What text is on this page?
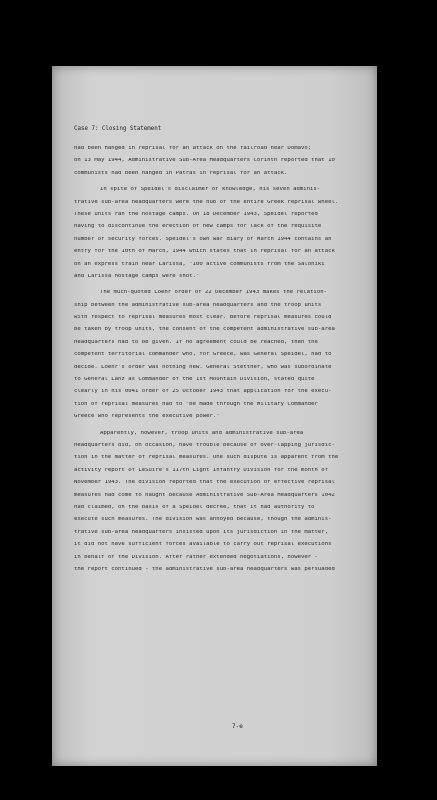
Case 7: Closing Statement
had been hanged in reprisal for an attack on the railroad near Domavo;
on 13 May 1944, Administrative Sub-Area Headquarters Corinth reported that 10
communists had been hanged in Patras in reprisal for an attack.
In spite of Speidel's disclaimer of knowledge, his seven adminis-
trative sub-area headquarters were the hub of the entire Greek reprisal wheel.
These units ran the hostage camps. On 18 December 1943, Speidel reported
having to discontinue the erection of new camps for lack of the requisite
number of security forces. Speidel's own war diary of March 1944 contains an
entry for the 10th of March, 1944 which states that in reprisal for an attack
on an express train near Larissa, "100 active communists from the Saloniki
and Larissa hostage camps were shot."
The much-quoted Loehr order of 22 December 1943 makes the relation-
ship between the administrative sub-area headquarters and the troop units
with respect to reprisal measures most clear. Before reprisal measures could
be taken by troop units, the consent of the competent administrative sub-area
headquarters had to be given. If no agreement could be reached, then the
competent territorial commander who, for Greece, was General Speidel, had to
decide. Loehr's order was nothing new. General Stettner, who was subordinate
to General Lanz as Commander of the 1st Mountain Division, stated quite
clearly in his 0041 order of 25 October 1943 that application for the execu-
tion of reprisal measures had to "be made through the Military Commander
Greece who represents the executive power."
Apparently, however, troop units and administrative sub-area
headquarters did, on occasion, have trouble because of over-lapping jurisdic-
tion in the matter of reprisal measures. One such dispute is apparent from the
activity report of LeSuire's 117th Light Infantry Division for the month of
November 1943. The division reported that the execution of effective reprisal
measures had come to naught because Administrative Sub-Area Headquarters 1042
had claimed, on the basis of a Speidel decree, that it had authority to
execute such measures. The division was annoyed because, though the adminis-
trative sub-area headquarters insisted upon its jurisdiction in the matter,
it did not have sufficient forces available to carry out reprisal executions
in behalf of the Division. After rather extended negotiations, however -
the report continued - the administrative sub-area headquarters was persuaded
7-e
